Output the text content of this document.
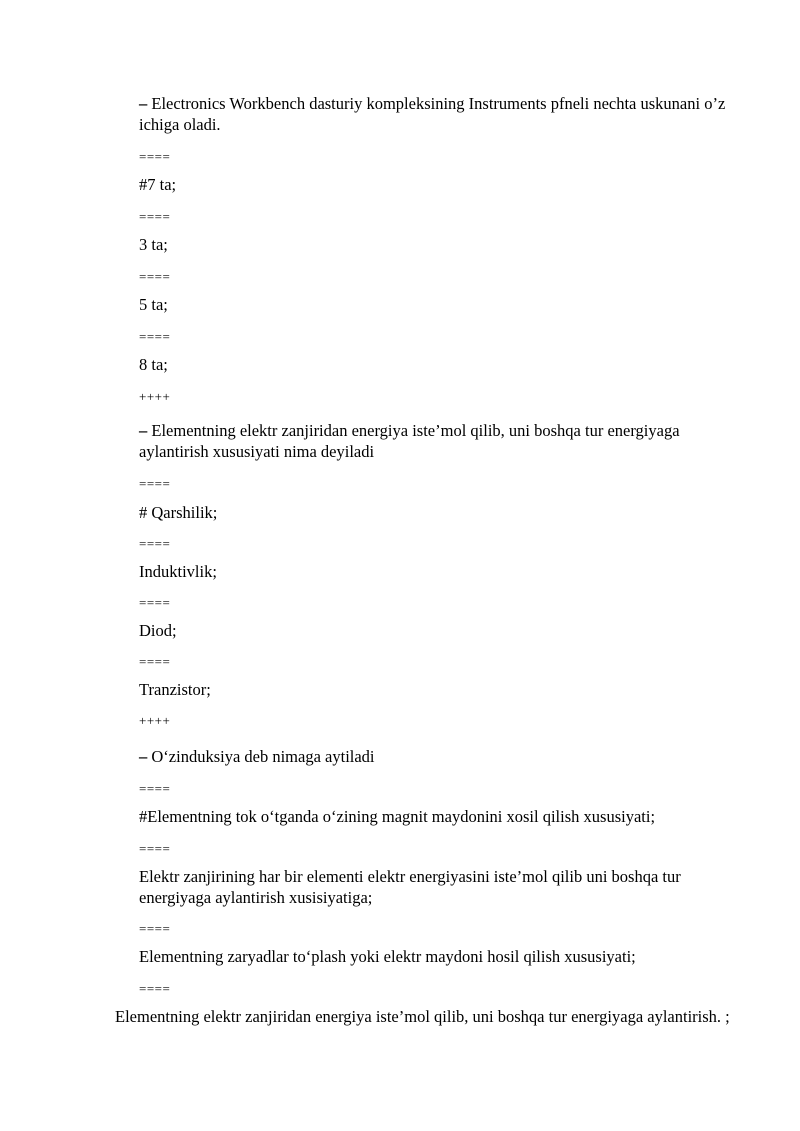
– Electronics Workbench dasturiy kompleksining Instruments pfneli nechta uskunani o’z ichiga oladi.
====
#7 ta;
====
3 ta;
====
5 ta;
====
8 ta;
++++
– Elementning elektr zanjiridan energiya iste’mol qilib, uni boshqa tur energiyaga aylantirish xususiyati nima deyiladi
====
# Qarshilik;
====
Induktivlik;
====
Diod;
====
Tranzistor;
++++
– O‘zinduksiya deb nimaga aytiladi
====
#Elementning tok o‘tganda o‘zining magnit maydonini xosil qilish xususiyati;
====
Elektr zanjirining har bir elementi elektr energiyasini iste’mol qilib uni boshqa tur energiyaga aylantirish xusisiyatiga;
====
Elementning zaryadlar to‘plash yoki elektr maydoni hosil qilish xususiyati;
====
Elementning elektr zanjiridan energiya iste’mol qilib, uni boshqa tur energiyaga aylantirish. ;
